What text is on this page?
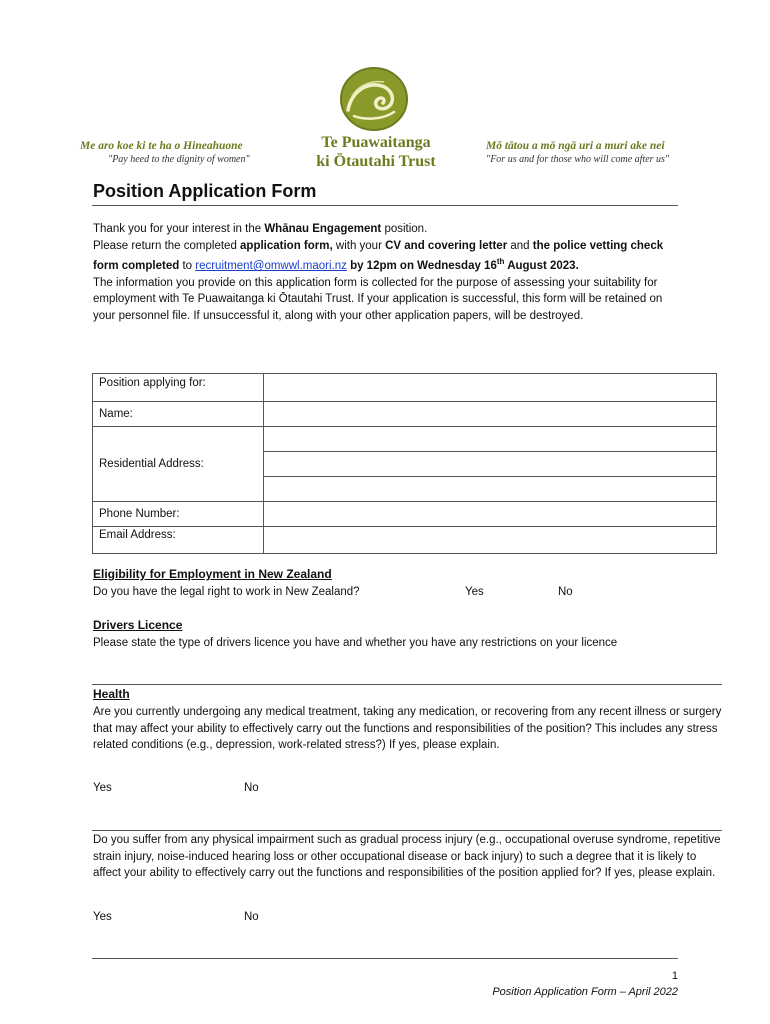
Me aro koe ki te ha o Hineahuone
"Pay heed to the dignity of women"
Te Puawaitanga
ki Ōtautahi Trust
Mō tātou a mō ngā uri a muri ake nei
"For us and for those who will come after us"
Position Application Form

Thank you for your interest in the Whānau Engagement position.

Please return the completed application form, with your CV and covering letter and the police vetting check form completed to recruitment@omwwl.maori.nz by 12pm on Wednesday 16th August 2023.

The information you provide on this application form is collected for the purpose of assessing your suitability for employment with Te Puawaitanga ki Ōtautahi Trust. If your application is successful, this form will be retained on your personnel file. If unsuccessful it, along with your other application papers, will be destroyed.

Position applying for:	
Name:	
Residential Address:	

Phone Number:	
Email Address:	
Eligibility for Employment in New Zealand
Do you have the legal right to work in New Zealand?	Yes	No
Drivers Licence
Please state the type of drivers licence you have and whether you have any restrictions on your licence
Health
Are you currently undergoing any medical treatment, taking any medication, or recovering from any recent illness or surgery that may affect your ability to effectively carry out the functions and responsibilities of the position? This includes any stress related conditions (e.g., depression, work-related stress?) If yes, please explain.
Yes	No
Do you suffer from any physical impairment such as gradual process injury (e.g., occupational overuse syndrome, repetitive strain injury, noise-induced hearing loss or other occupational disease or back injury) to such a degree that it is likely to affect your ability to effectively carry out the functions and responsibilities of the position applied for? If yes, please explain.
Yes	No
1
Position Application Form – April 2022
